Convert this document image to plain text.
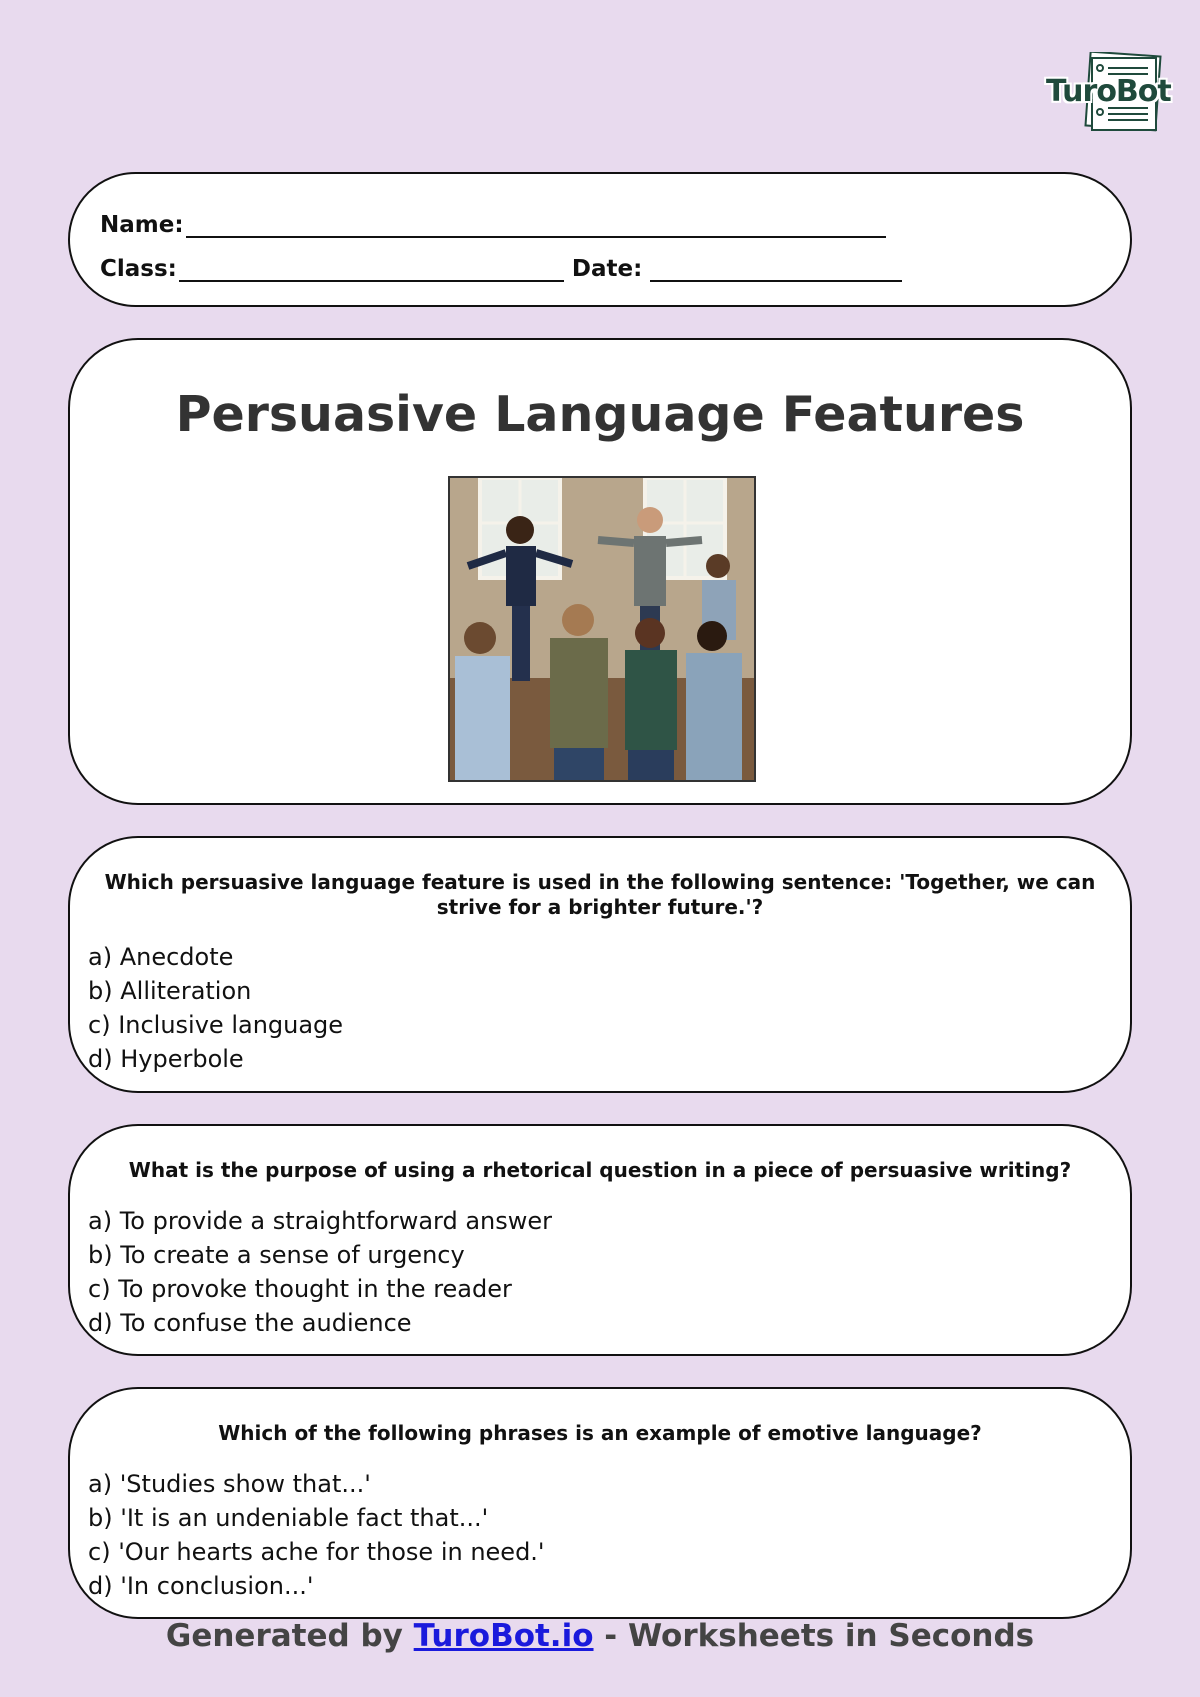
TuroBot
Name:
Class:	Date:
Persuasive Language Features
Which persuasive language feature is used in the following sentence: 'Together, we can strive for a brighter future.'?
a) Anecdote
b) Alliteration
c) Inclusive language
d) Hyperbole
What is the purpose of using a rhetorical question in a piece of persuasive writing?
a) To provide a straightforward answer
b) To create a sense of urgency
c) To provoke thought in the reader
d) To confuse the audience
Which of the following phrases is an example of emotive language?
a) 'Studies show that...'
b) 'It is an undeniable fact that...'
c) 'Our hearts ache for those in need.'
d) 'In conclusion...'
Generated by TuroBot.io - Worksheets in Seconds
